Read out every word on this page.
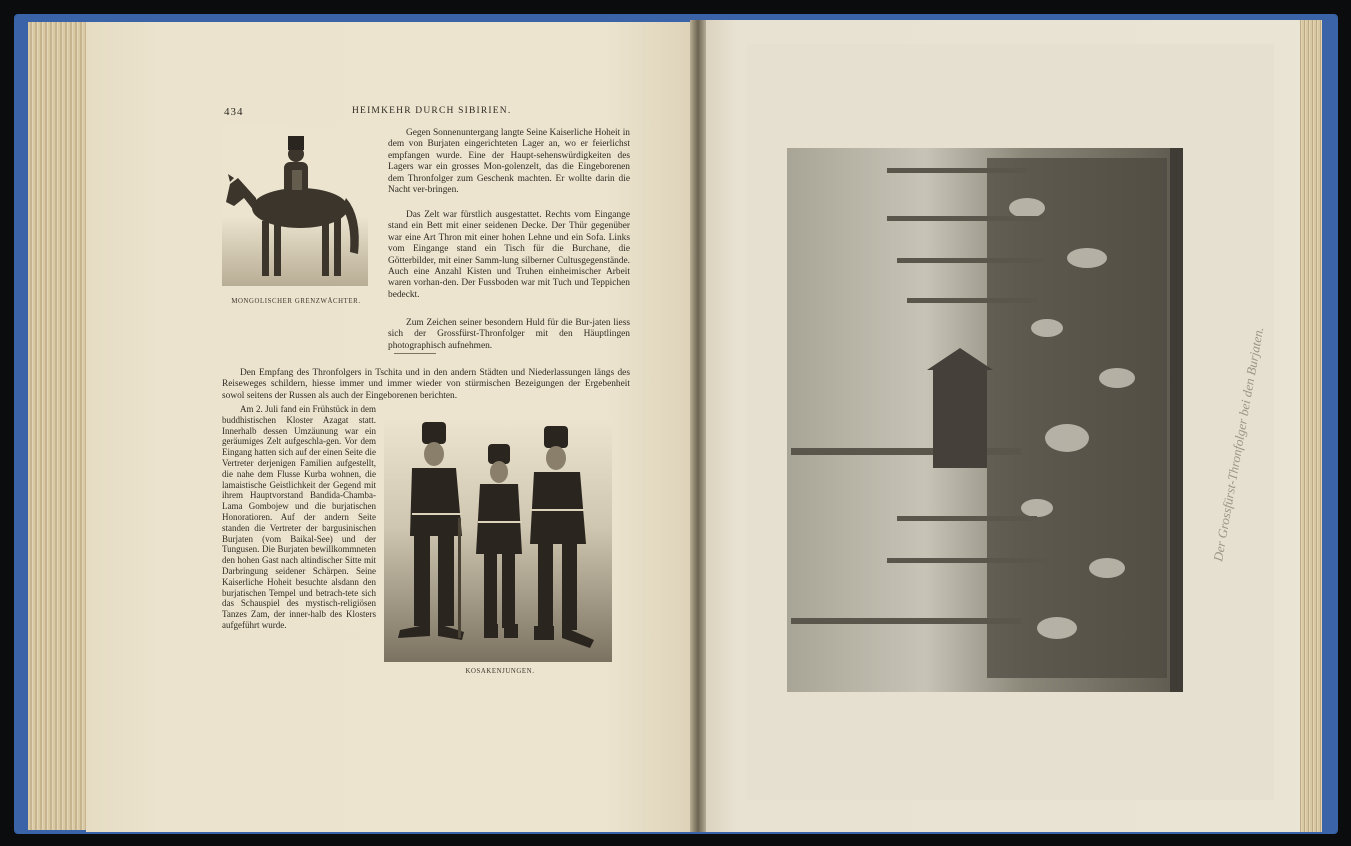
434	HEIMKEHR DURCH SIBIRIEN.

MONGOLISCHER GRENZWÄCHTER.

Gegen Sonnenuntergang langte Seine Kaiserliche Hoheit in dem von Burjaten eingerichteten Lager an, wo er feierlichst empfangen wurde. Eine der Haupt-sehenswürdigkeiten des Lagers war ein grosses Mon-golenzelt, das die Eingeborenen dem Thronfolger zum Geschenk machten. Er wollte darin die Nacht ver-bringen.

Das Zelt war fürstlich ausgestattet. Rechts vom Eingange stand ein Bett mit einer seidenen Decke. Der Thür gegenüber war eine Art Thron mit einer hohen Lehne und ein Sofa. Links vom Eingange stand ein Tisch für die Burchane, die Götterbilder, mit einer Samm-lung silberner Cultusgegenstände. Auch eine Anzahl Kisten und Truhen einheimischer Arbeit waren vorhan-den. Der Fussboden war mit Tuch und Teppichen bedeckt.

Zum Zeichen seiner besondern Huld für die Bur-jaten liess sich der Grossfürst-Thronfolger mit den Häuptlingen photographisch aufnehmen.

Den Empfang des Thronfolgers in Tschita und in den andern Städten und Niederlassungen längs des Reiseweges schildern, hiesse immer und immer wieder von stürmischen Bezeigungen der Ergebenheit sowol seitens der Russen als auch der Eingeborenen berichten.

Am 2. Juli fand ein Frühstück in dem buddhistischen Kloster Azagat statt. Innerhalb dessen Umzäunung war ein geräumiges Zelt aufgeschla-gen. Vor dem Eingang hatten sich auf der einen Seite die Vertreter derjenigen Familien aufgestellt, die nahe dem Flusse Kurba wohnen, die lamaistische Geistlichkeit der Gegend mit ihrem Hauptvorstand Bandida-Chamba-Lama Gombojew und die burjatischen Honoratioren. Auf der andern Seite standen die Vertreter der bargusinischen Burjaten (vom Baikal-See) und der Tungusen. Die Burjaten bewillkommneten den hohen Gast nach altindischer Sitte mit Darbringung seidener Schärpen. Seine Kaiserliche Hoheit besuchte alsdann den burjatischen Tempel und betrach-tete sich das Schauspiel des mystisch-religiösen Tanzes Zam, der inner-halb des Klosters aufgeführt wurde.

KOSAKENJUNGEN.

Der Grossfürst-Thronfolger bei den Burjaten.
